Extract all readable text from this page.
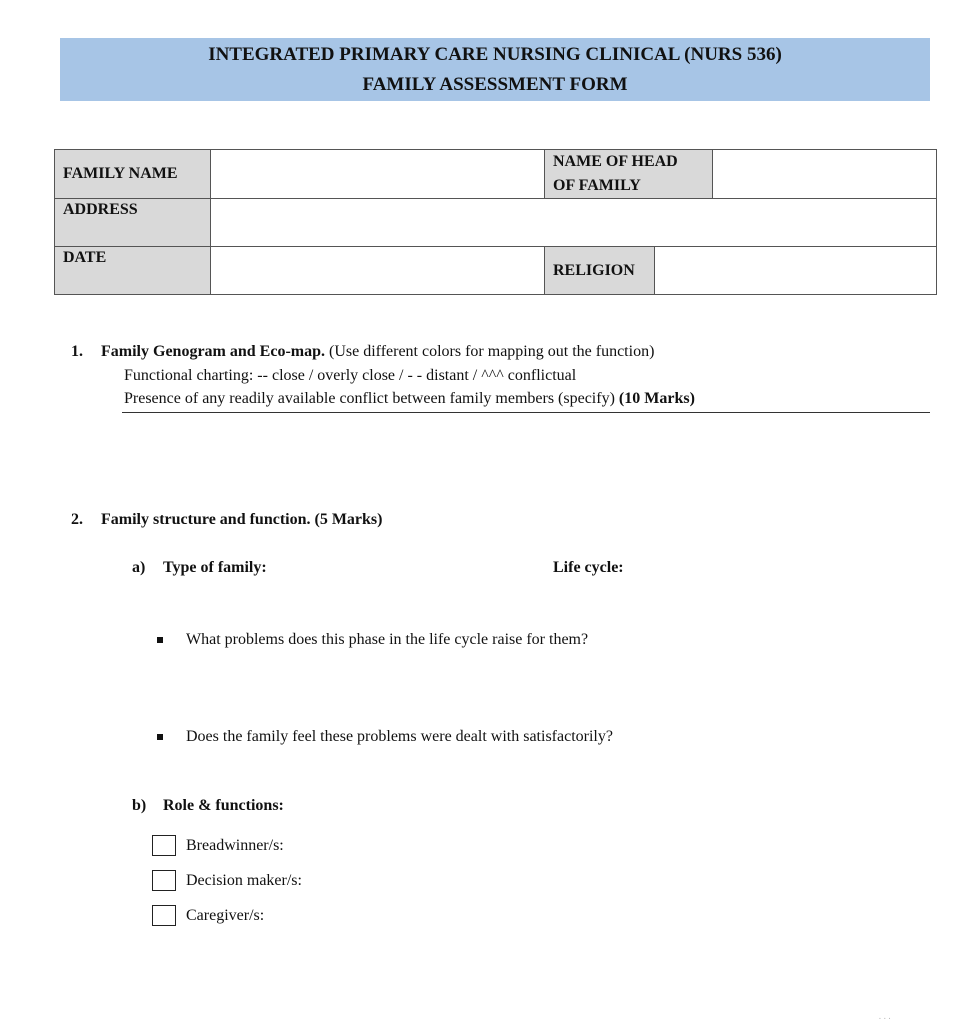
INTEGRATED PRIMARY CARE NURSING CLINICAL (NURS 536)
FAMILY ASSESSMENT FORM
FAMILY NAME		NAME OF HEAD
OF FAMILY		
ADDRESS				
DATE		RELIGION		
1. Family Genogram and Eco-map. (Use different colors for mapping out the function)
Functional charting: -- close / overly close / - - distant / ^^^ conflictual
Presence of any readily available conflict between family members (specify) (10 Marks)
2. Family structure and function. (5 Marks)
a) Type of family:	Life cycle:
What problems does this phase in the life cycle raise for them?
Does the family feel these problems were dealt with satisfactorily?
b) Role & functions:
Breadwinner/s:
Decision maker/s:
Caregiver/s:
۰۰۰
